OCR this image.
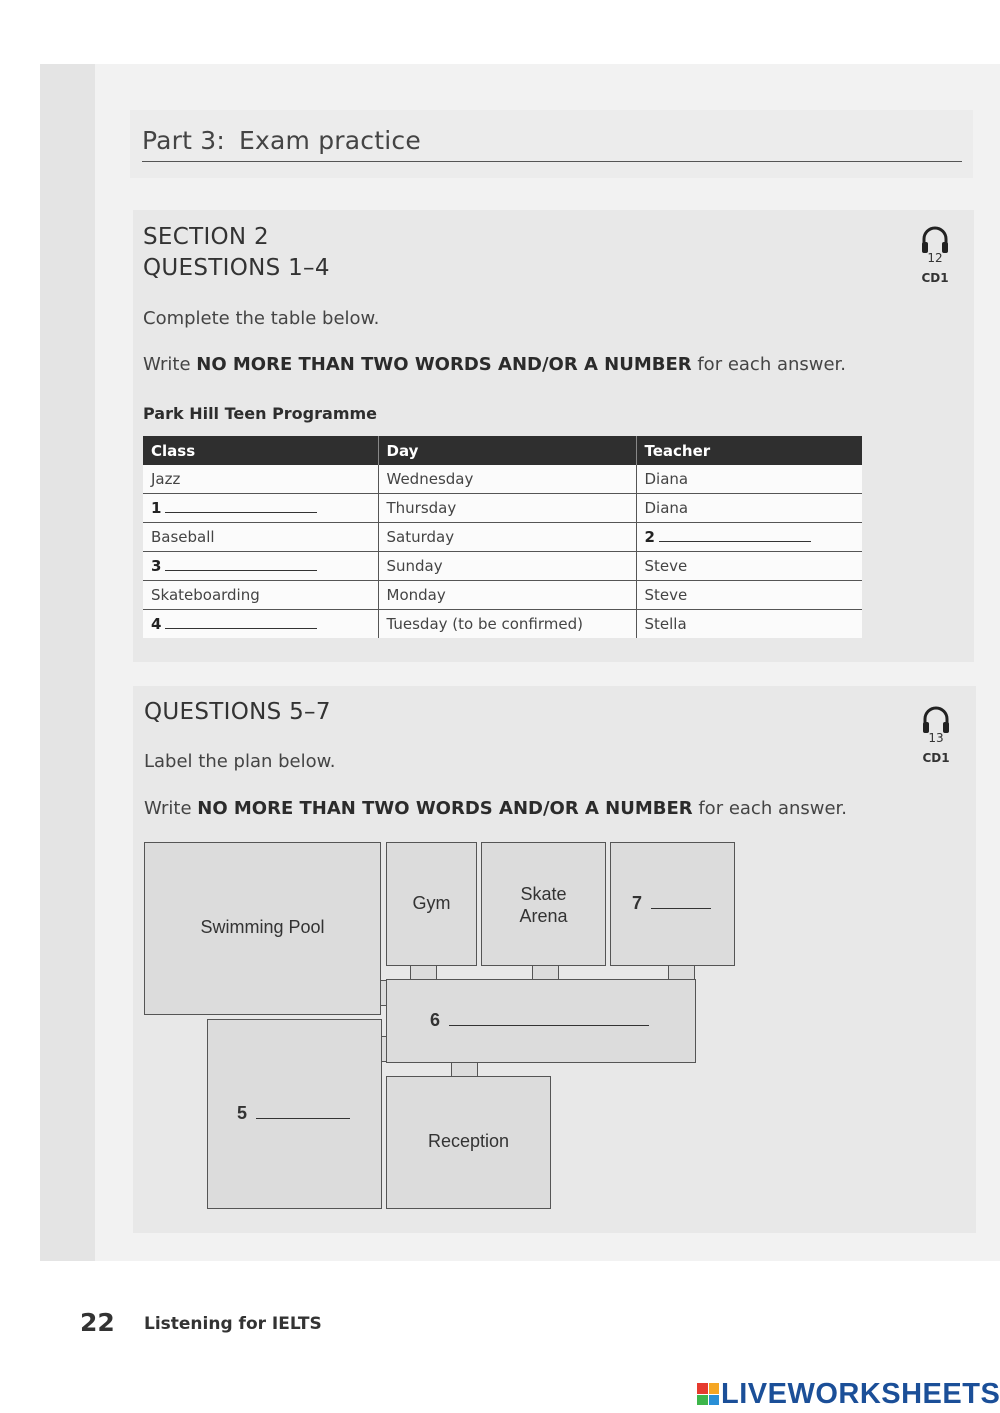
Part 3: Exam practice
SECTION 2
QUESTIONS 1–4	12
CD1
Complete the table below.
Write NO MORE THAN TWO WORDS AND/OR A NUMBER for each answer.
Park Hill Teen Programme
Class	Day	Teacher
Jazz	Wednesday	Diana
1	Thursday	Diana
Baseball	Saturday	2
3	Sunday	Steve
Skateboarding	Monday	Steve
4	Tuesday (to be confirmed)	Stella
QUESTIONS 5–7
13
CD1
Label the plan below.
Write NO MORE THAN TWO WORDS AND/OR A NUMBER for each answer.
Swimming Pool
Gym	Skate
Arena
7
6
5
Reception
22 Listening for IELTS
LIVEWORKSHEETS
